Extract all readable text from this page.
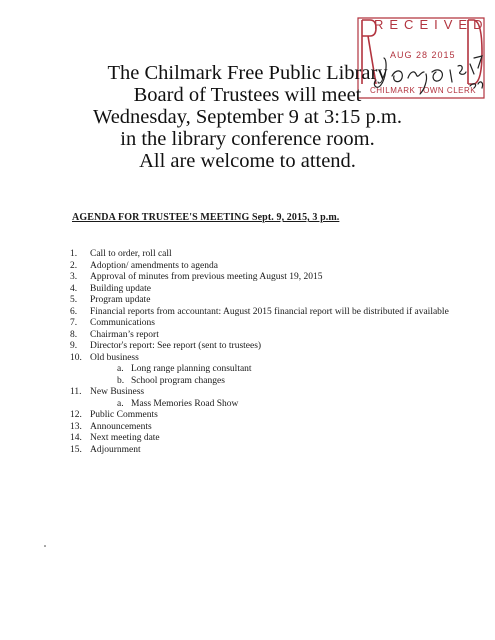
RECEIVED
AUG 28 2015
CHILMARK TOWN CLERK
The Chilmark Free Public Library
Board of Trustees will meet
Wednesday, September 9 at 3:15 p.m.
in the library conference room.
All are welcome to attend.
AGENDA FOR TRUSTEE'S MEETING Sept. 9, 2015, 3 p.m.
1.	Call to order, roll call
2.	Adoption/ amendments to agenda
3.	Approval of minutes from previous meeting August 19, 2015
4.	Building update
5.	Program update
6.	Financial reports from accountant: August 2015 financial report will be distributed if available
7.	Communications
8.	Chairman’s report
9.	Director's report: See report (sent to trustees)
10. Old business
a. Long range planning consultant
b. School program changes
11. New Business
a. Mass Memories Road Show
12. Public Comments
13. Announcements
14. Next meeting date
15. Adjournment
